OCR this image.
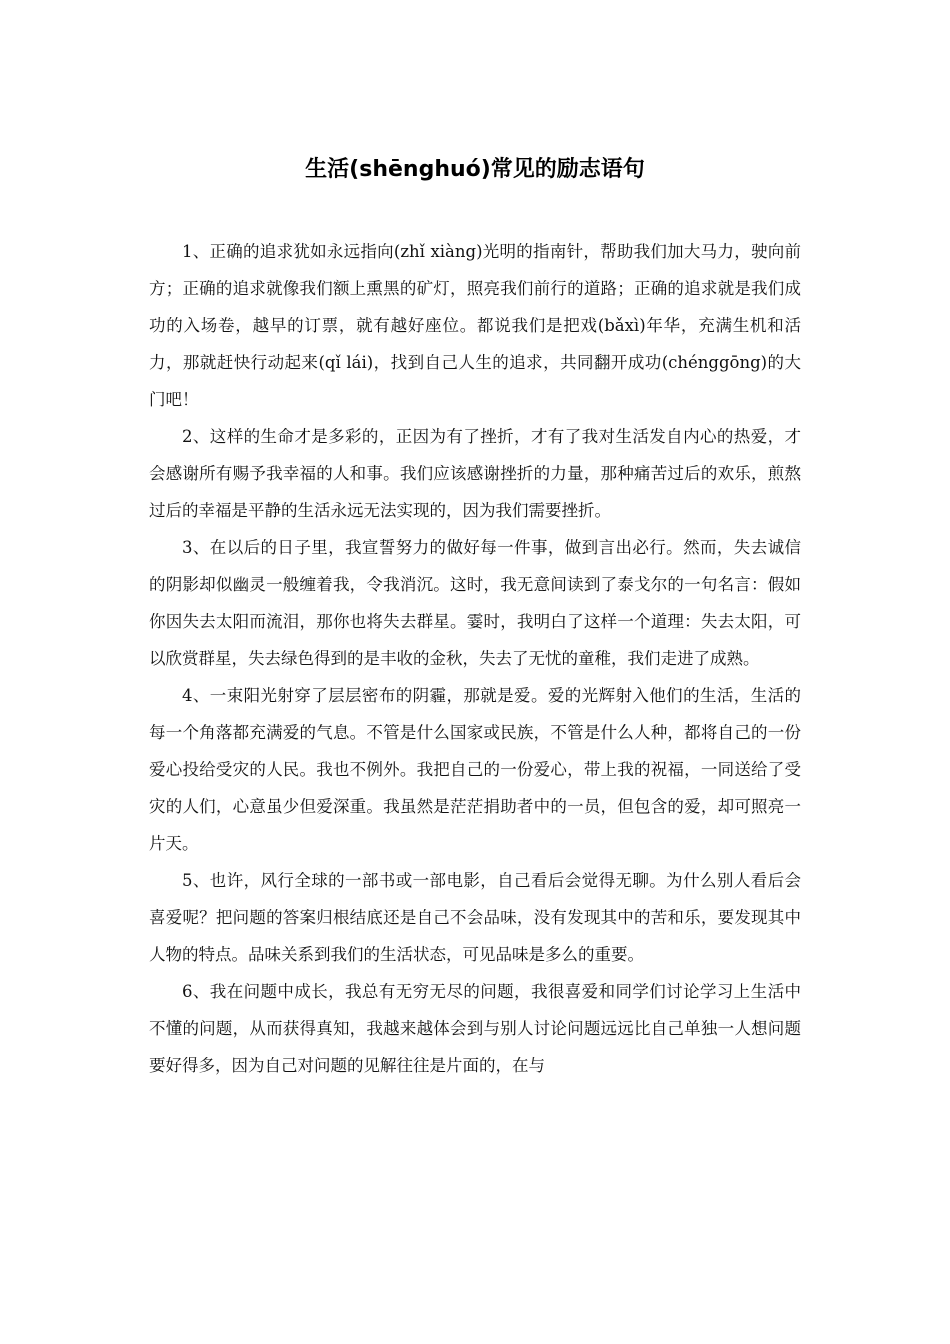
生活(shēnghuó)常见的励志语句

1、正确的追求犹如永远指向(zhǐ xiàng)光明的指南针，帮助我们加大马力，驶向前方；正确的追求就像我们额上熏黑的矿灯，照亮我们前行的道路；正确的追求就是我们成功的入场卷，越早的订票，就有越好座位。都说我们是把戏(bǎxì)年华，充满生机和活力，那就赶快行动起来(qǐ lái)，找到自己人生的追求，共同翻开成功(chénggōng)的大门吧！

2、这样的生命才是多彩的，正因为有了挫折，才有了我对生活发自内心的热爱，才会感谢所有赐予我幸福的人和事。我们应该感谢挫折的力量，那种痛苦过后的欢乐，煎熬过后的幸福是平静的生活永远无法实现的，因为我们需要挫折。

3、在以后的日子里，我宣誓努力的做好每一件事，做到言出必行。然而，失去诚信的阴影却似幽灵一般缠着我，令我消沉。这时，我无意间读到了泰戈尔的一句名言：假如你因失去太阳而流泪，那你也将失去群星。霎时，我明白了这样一个道理：失去太阳，可以欣赏群星，失去绿色得到的是丰收的金秋，失去了无忧的童稚，我们走进了成熟。

4、一束阳光射穿了层层密布的阴霾，那就是爱。爱的光辉射入他们的生活，生活的每一个角落都充满爱的气息。不管是什么国家或民族，不管是什么人种，都将自己的一份爱心投给受灾的人民。我也不例外。我把自己的一份爱心，带上我的祝福，一同送给了受灾的人们，心意虽少但爱深重。我虽然是茫茫捐助者中的一员，但包含的爱，却可照亮一片天。

5、也许，风行全球的一部书或一部电影，自己看后会觉得无聊。为什么别人看后会喜爱呢？把问题的答案归根结底还是自己不会品味，没有发现其中的苦和乐，要发现其中人物的特点。品味关系到我们的生活状态，可见品味是多么的重要。

6、我在问题中成长，我总有无穷无尽的问题，我很喜爱和同学们讨论学习上生活中不懂的问题，从而获得真知，我越来越体会到与别人讨论问题远远比自己单独一人想问题要好得多，因为自己对问题的见解往往是片面的，在与
